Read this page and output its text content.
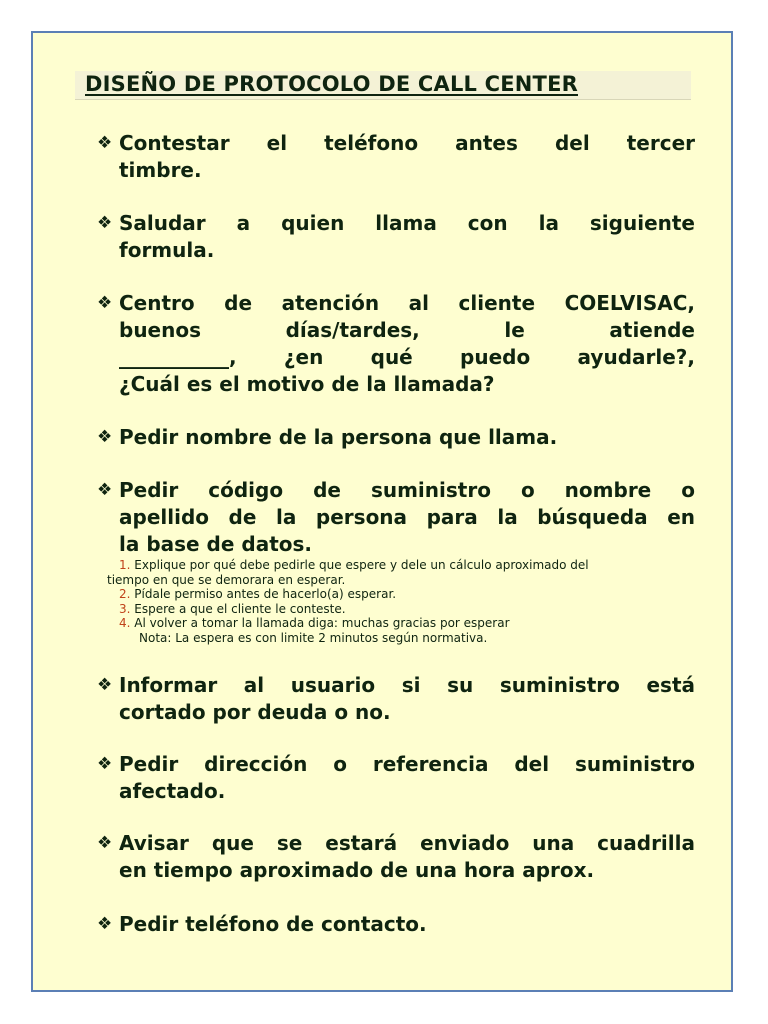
DISEÑO DE PROTOCOLO DE CALL CENTER
❖ Contestar el teléfono antes del tercer
timbre.
❖ Saludar a quien llama con la siguiente
formula.
❖ Centro de atención al cliente COELVISAC,
buenos días/tardes, le atiende
___________, ¿en qué puedo ayudarle?,
¿Cuál es el motivo de la llamada?
❖ Pedir nombre de la persona que llama.
❖ Pedir código de suministro o nombre o
apellido de la persona para la búsqueda en
la base de datos.
1. Explique por qué debe pedirle que espere y dele un cálculo aproximado del
tiempo en que se demorara en esperar.
2. Pídale permiso antes de hacerlo(a) esperar.
3. Espere a que el cliente le conteste.
4. Al volver a tomar la llamada diga: muchas gracias por esperar
Nota: La espera es con limite 2 minutos según normativa.
❖ Informar al usuario si su suministro está
cortado por deuda o no.
❖ Pedir dirección o referencia del suministro
afectado.
❖ Avisar que se estará enviado una cuadrilla
en tiempo aproximado de una hora aprox.
❖ Pedir teléfono de contacto.
